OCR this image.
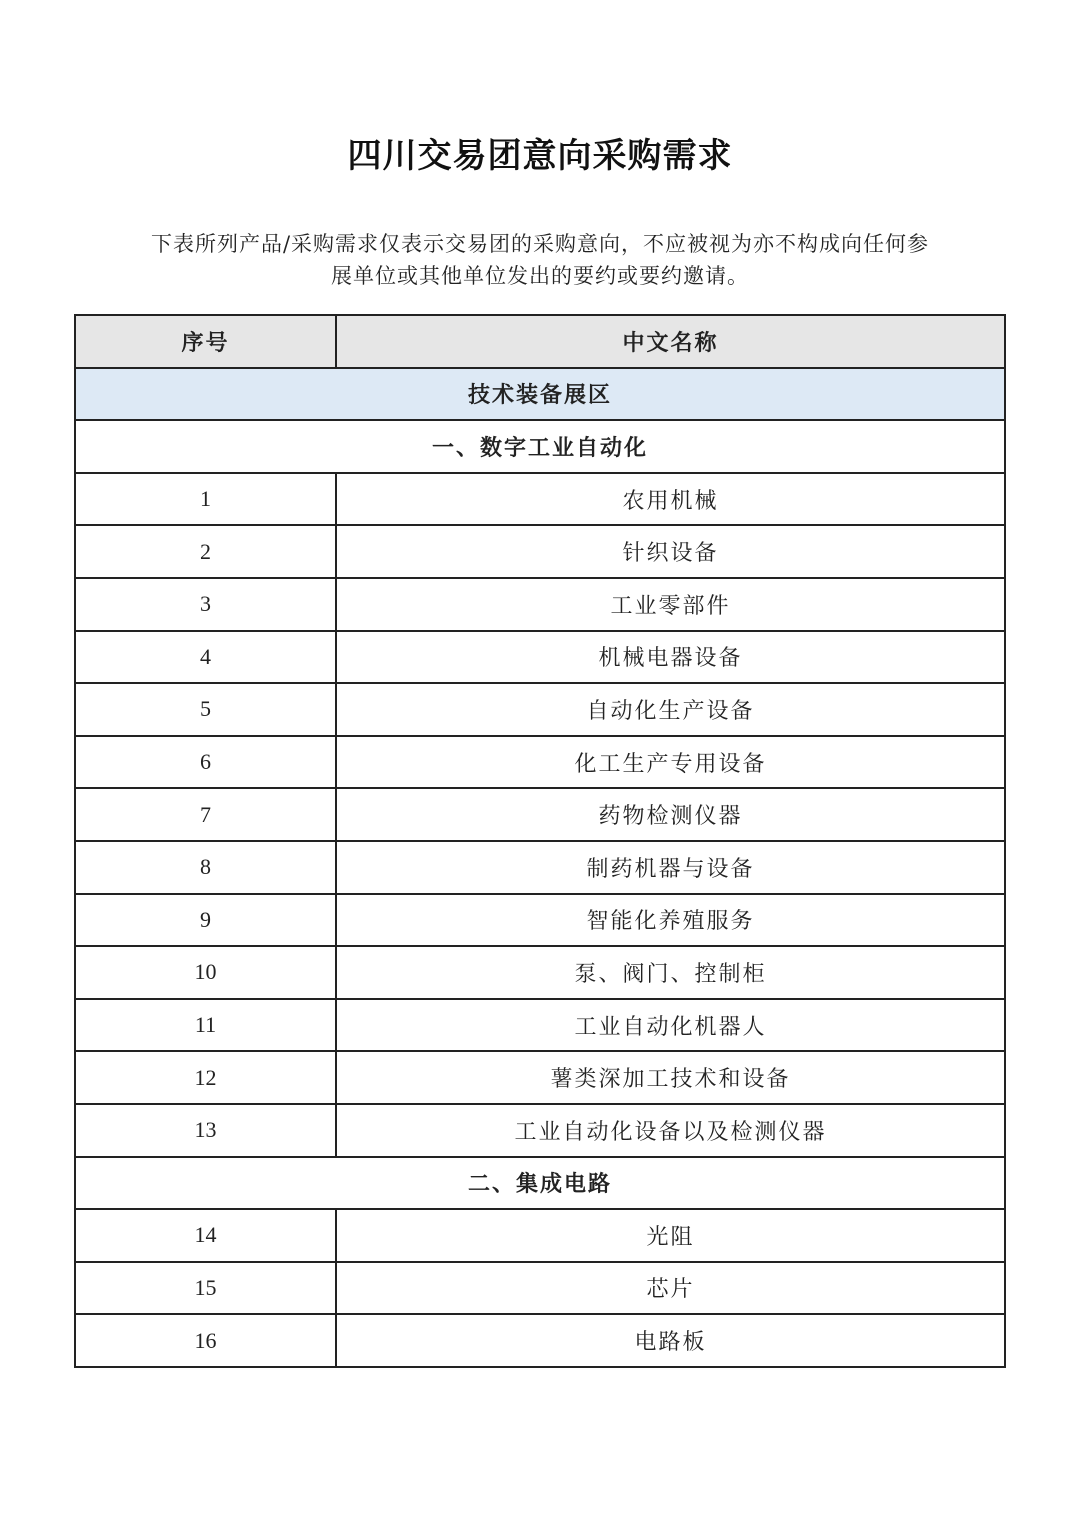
四川交易团意向采购需求
下表所列产品/采购需求仅表示交易团的采购意向，不应被视为亦不构成向任何参
展单位或其他单位发出的要约或要约邀请。
序号	中文名称
技术装备展区	
一、数字工业自动化	
1	农用机械
2	针织设备
3	工业零部件
4	机械电器设备
5	自动化生产设备
6	化工生产专用设备
7	药物检测仪器
8	制药机器与设备
9	智能化养殖服务
10	泵、阀门、控制柜
11	工业自动化机器人
12	薯类深加工技术和设备
13	工业自动化设备以及检测仪器
二、集成电路	
14	光阻
15	芯片
16	电路板
